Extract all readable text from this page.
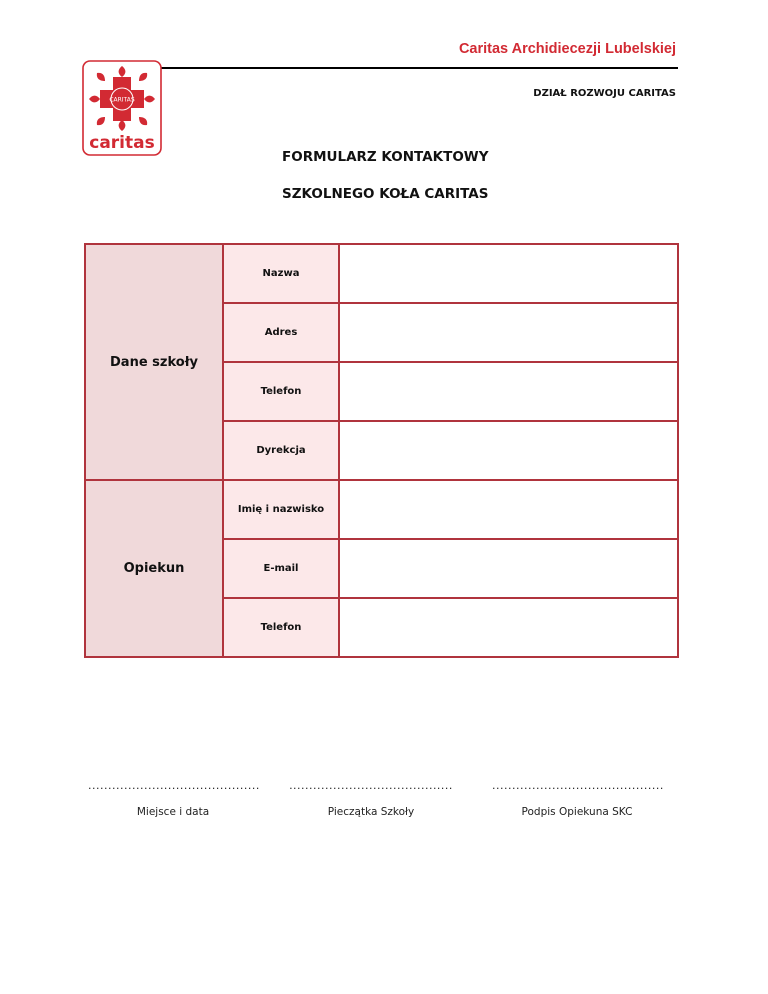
Caritas Archidiecezji Lubelskiej
DZIAŁ ROZWOJU CARITAS
CARITAS
caritas
FORMULARZ KONTAKTOWY
SZKOLNEGO KOŁA CARITAS
Dane szkoły	Nazwa	
	Adres	
	Telefon	
	Dyrekcja	
Opiekun	Imię i nazwisko	
	E-mail	
	Telefon	
...........................................
Miejsce i data
.........................................
Pieczątka Szkoły
...........................................
Podpis Opiekuna SKC
